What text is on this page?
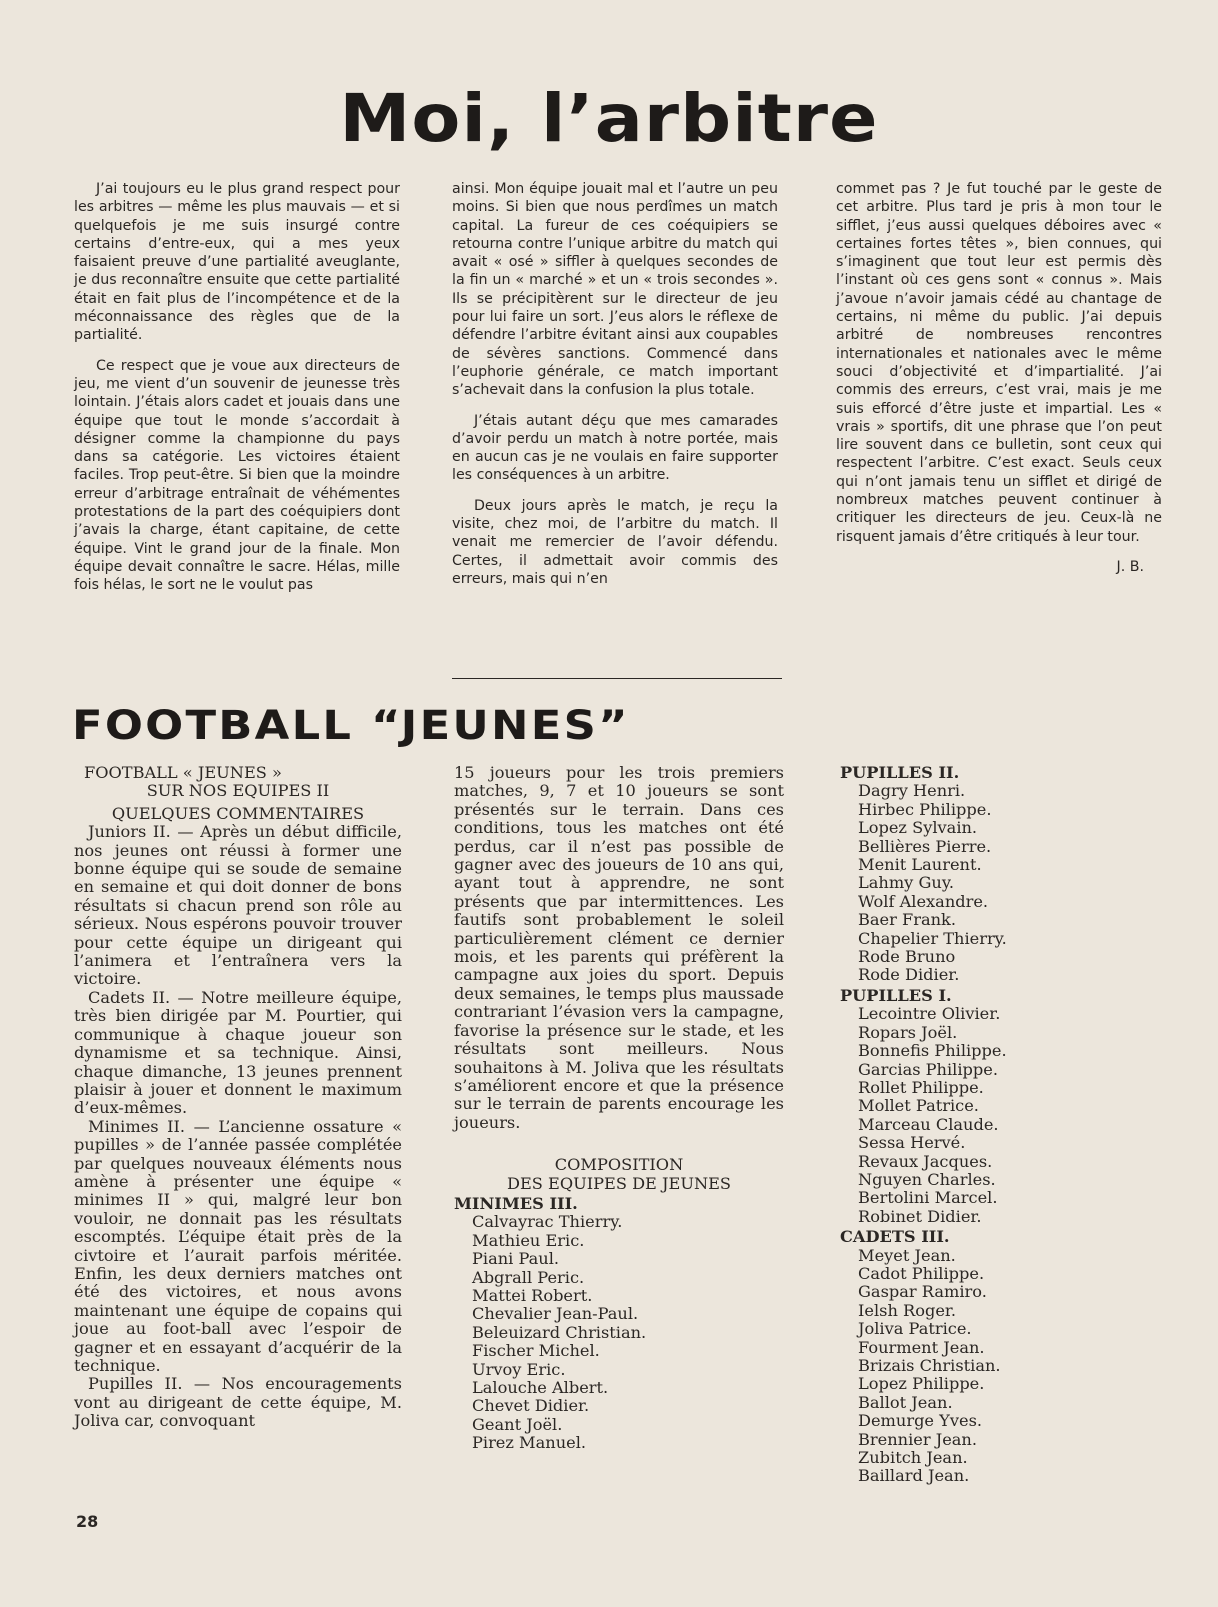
Moi, l’arbitre

J’ai toujours eu le plus grand respect pour les arbitres — même les plus mauvais — et si quelquefois je me suis insurgé contre certains d’entre-eux, qui a mes yeux faisaient preuve d’une partialité aveuglante, je dus reconnaître ensuite que cette partialité était en fait plus de l’incompétence et de la méconnaissance des règles que de la partialité.

Ce respect que je voue aux directeurs de jeu, me vient d’un souvenir de jeunesse très lointain. J’étais alors cadet et jouais dans une équipe que tout le monde s’accordait à désigner comme la championne du pays dans sa catégorie. Les victoires étaient faciles. Trop peut-être. Si bien que la moindre erreur d’arbitrage entraînait de véhémentes protestations de la part des coéquipiers dont j’avais la charge, étant capitaine, de cette équipe. Vint le grand jour de la finale. Mon équipe devait connaître le sacre. Hélas, mille fois hélas, le sort ne le voulut pas

ainsi. Mon équipe jouait mal et l’autre un peu moins. Si bien que nous perdîmes un match capital. La fureur de ces coéquipiers se retourna contre l’unique arbitre du match qui avait « osé » siffler à quelques secondes de la fin un « marché » et un « trois secondes ». Ils se précipitèrent sur le directeur de jeu pour lui faire un sort. J’eus alors le réflexe de défendre l’arbitre évitant ainsi aux coupables de sévères sanctions. Commencé dans l’euphorie générale, ce match important s’achevait dans la confusion la plus totale.

J’étais autant déçu que mes camarades d’avoir perdu un match à notre portée, mais en aucun cas je ne voulais en faire supporter les conséquences à un arbitre.

Deux jours après le match, je reçu la visite, chez moi, de l’arbitre du match. Il venait me remercier de l’avoir défendu. Certes, il admettait avoir commis des erreurs, mais qui n’en

commet pas ? Je fut touché par le geste de cet arbitre. Plus tard je pris à mon tour le sifflet, j’eus aussi quelques déboires avec « certaines fortes têtes », bien connues, qui s’imaginent que tout leur est permis dès l’instant où ces gens sont « connus ». Mais j’avoue n’avoir jamais cédé au chantage de certains, ni même du public. J’ai depuis arbitré de nombreuses rencontres internationales et nationales avec le même souci d’objectivité et d’impartialité. J’ai commis des erreurs, c’est vrai, mais je me suis efforcé d’être juste et impartial. Les « vrais » sportifs, dit une phrase que l’on peut lire souvent dans ce bulletin, sont ceux qui respectent l’arbitre. C’est exact. Seuls ceux qui n’ont jamais tenu un sifflet et dirigé de nombreux matches peuvent continuer à critiquer les directeurs de jeu. Ceux-là ne risquent jamais d’être critiqués à leur tour.

J. B.
FOOTBALL “JEUNES”
FOOTBALL « JEUNES »
SUR NOS EQUIPES II
QUELQUES COMMENTAIRES

Juniors II. — Après un début difficile, nos jeunes ont réussi à former une bonne équipe qui se soude de semaine en semaine et qui doit donner de bons résultats si chacun prend son rôle au sérieux. Nous espérons pouvoir trouver pour cette équipe un dirigeant qui l’animera et l’entraînera vers la victoire.

Cadets II. — Notre meilleure équipe, très bien dirigée par M. Pourtier, qui communique à chaque joueur son dynamisme et sa technique. Ainsi, chaque dimanche, 13 jeunes prennent plaisir à jouer et donnent le maximum d’eux-mêmes.

Minimes II. — L’ancienne ossature « pupilles » de l’année passée complétée par quelques nouveaux éléments nous amène à présenter une équipe « minimes II » qui, malgré leur bon vouloir, ne donnait pas les résultats escomptés. L’équipe était près de la civtoire et l’aurait parfois méritée. Enfin, les deux derniers matches ont été des victoires, et nous avons maintenant une équipe de copains qui joue au foot-ball avec l’espoir de gagner et en essayant d’acquérir de la technique.

Pupilles II. — Nos encouragements vont au dirigeant de cette équipe, M. Joliva car, convoquant

15 joueurs pour les trois premiers matches, 9, 7 et 10 joueurs se sont présentés sur le terrain. Dans ces conditions, tous les matches ont été perdus, car il n’est pas possible de gagner avec des joueurs de 10 ans qui, ayant tout à apprendre, ne sont présents que par intermittences. Les fautifs sont probablement le soleil particulièrement clément ce dernier mois, et les parents qui préfèrent la campagne aux joies du sport. Depuis deux semaines, le temps plus maussade contrariant l’évasion vers la campagne, favorise la présence sur le stade, et les résultats sont meilleurs. Nous souhaitons à M. Joliva que les résultats s’améliorent encore et que la présence sur le terrain de parents encourage les joueurs.

COMPOSITION
DES EQUIPES DE JEUNES
MINIMES III.
Calvayrac Thierry.
Mathieu Eric.
Piani Paul.
Abgrall Peric.
Mattei Robert.
Chevalier Jean-Paul.
Beleuizard Christian.
Fischer Michel.
Urvoy Eric.
Lalouche Albert.
Chevet Didier.
Geant Joël.
Pirez Manuel.
PUPILLES II.
Dagry Henri.
Hirbec Philippe.
Lopez Sylvain.
Bellières Pierre.
Menit Laurent.
Lahmy Guy.
Wolf Alexandre.
Baer Frank.
Chapelier Thierry.
Rode Bruno
Rode Didier.
PUPILLES I.
Lecointre Olivier.
Ropars Joël.
Bonnefis Philippe.
Garcias Philippe.
Rollet Philippe.
Mollet Patrice.
Marceau Claude.
Sessa Hervé.
Revaux Jacques.
Nguyen Charles.
Bertolini Marcel.
Robinet Didier.
CADETS III.
Meyet Jean.
Cadot Philippe.
Gaspar Ramiro.
Ielsh Roger.
Joliva Patrice.
Fourment Jean.
Brizais Christian.
Lopez Philippe.
Ballot Jean.
Demurge Yves.
Brennier Jean.
Zubitch Jean.
Baillard Jean.
28
